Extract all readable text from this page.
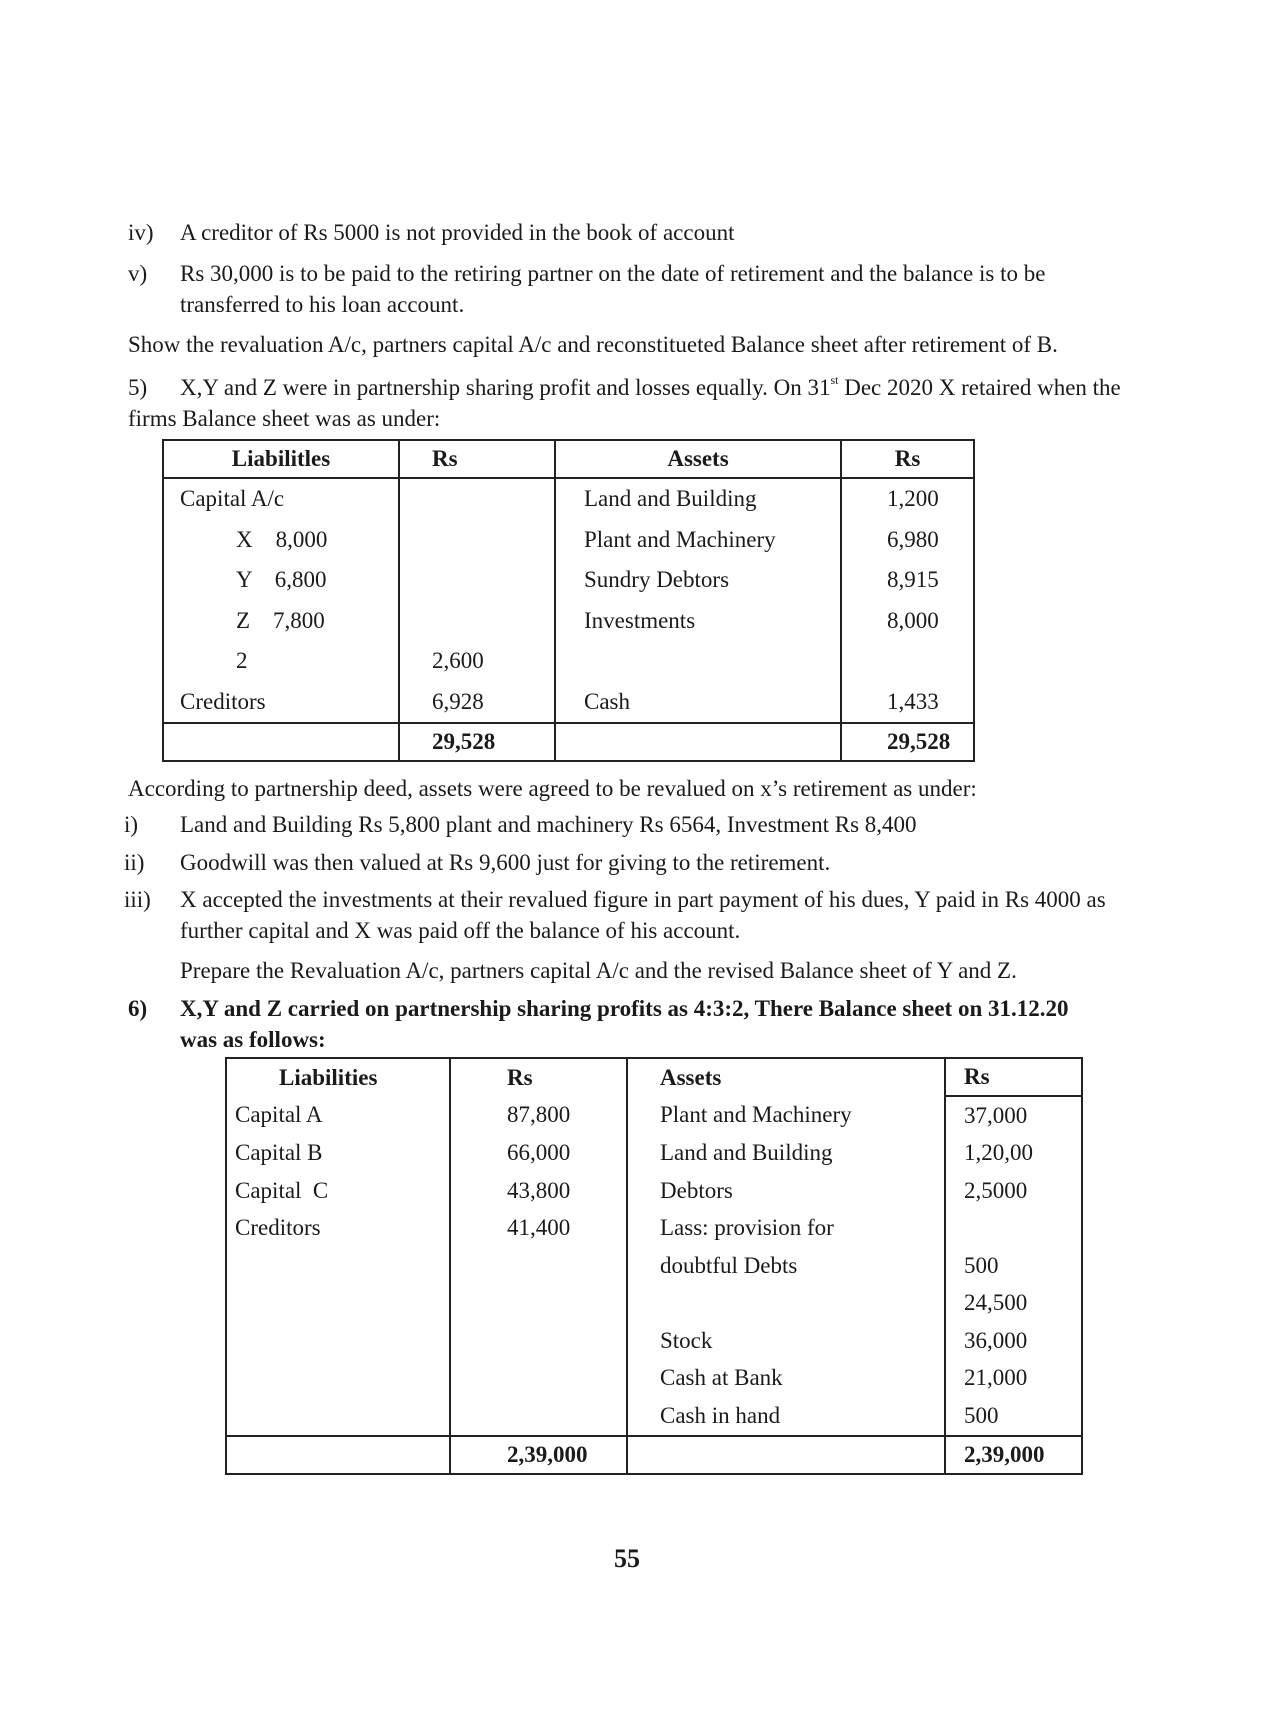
iv) A creditor of Rs 5000 is not provided in the book of account
v) Rs 30,000 is to be paid to the retiring partner on the date of retirement and the balance is to be
transferred to his loan account.
Show the revaluation A/c, partners capital A/c and reconstitueted Balance sheet after retirement of B.
5) X,Y and Z were in partnership sharing profit and losses equally. On 31st Dec 2020 X retaired when the
firms Balance sheet was as under:
Liabilitles	Rs	Assets	Rs
Capital A/c		Land and Building	1,200
X    8,000		Plant and Machinery	6,980
Y    6,800		Sundry Debtors	8,915
Z    7,800		Investments	8,000
2	2,600		
Creditors	6,928	Cash	1,433
	29,528		29,528
According to partnership deed, assets were agreed to be revalued on x’s retirement as under:
i) Land and Building Rs 5,800 plant and machinery Rs 6564, Investment Rs 8,400
ii) Goodwill was then valued at Rs 9,600 just for giving to the retirement.
iii) X accepted the investments at their revalued figure in part payment of his dues, Y paid in Rs 4000 as
further capital and X was paid off the balance of his account.
Prepare the Revaluation A/c, partners capital A/c and the revised Balance sheet of Y and Z.
6) X,Y and Z carried on partnership sharing profits as 4:3:2, There Balance sheet on 31.12.20
was as follows:
Liabilities	Rs	Assets	Rs
Capital A	87,800	Plant and Machinery	37,000
Capital B	66,000	Land and Building	1,20,00
Capital  C	43,800	Debtors	2,5000
Creditors	41,400	Lass: provision for	
		doubtful Debts	500
			24,500
		Stock	36,000
		Cash at Bank	21,000
		Cash in hand	500
	2,39,000		2,39,000
55
